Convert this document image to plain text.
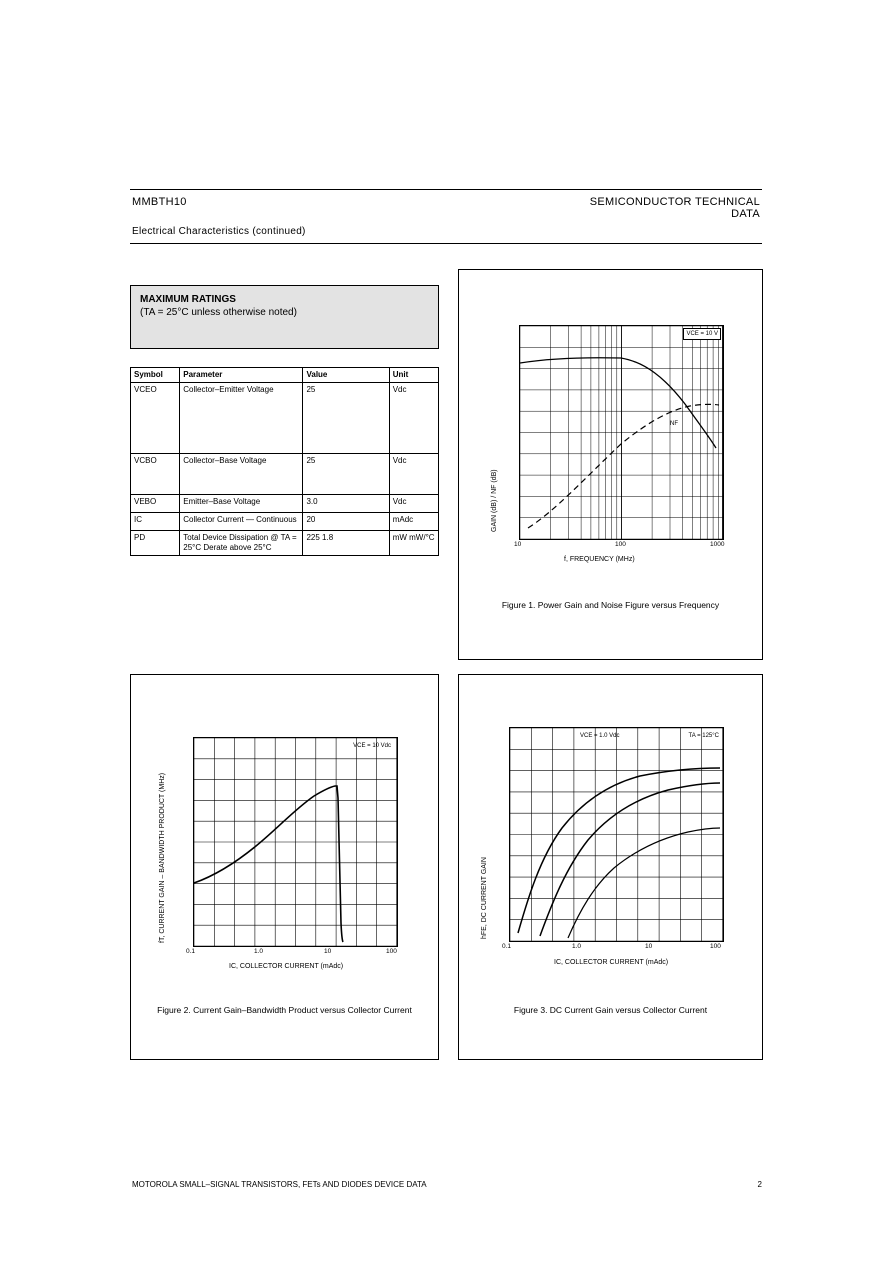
MMBTH10	SEMICONDUCTOR TECHNICAL DATA
Electrical Characteristics (continued)
MAXIMUM RATINGS
(TA = 25°C unless otherwise noted)
Symbol	Parameter	Value	Unit
VCEO	Collector–Emitter Voltage	25	Vdc
VCBO	Collector–Base Voltage	25	Vdc
VEBO	Emitter–Base Voltage	3.0	Vdc
IC	Collector Current — Continuous	20	mAdc
PD	Total Device Dissipation @ TA = 25°C Derate above 25°C	225 1.8	mW mW/°C
VCE = 10 V
NF
10	100	1000
GAIN (dB) / NF (dB)
f, FREQUENCY (MHz)
Figure 1. Power Gain and Noise Figure versus Frequency
VCE = 10 Vdc
0.1	1.0	10	100
fT, CURRENT GAIN – BANDWIDTH PRODUCT (MHz)
IC, COLLECTOR CURRENT (mAdc)
Figure 2. Current Gain–Bandwidth Product versus Collector Current
VCE = 1.0 Vdc	TA = 125°C
0.1	1.0	10	100
hFE, DC CURRENT GAIN
IC, COLLECTOR CURRENT (mAdc)
Figure 3. DC Current Gain versus Collector Current
MOTOROLA SMALL–SIGNAL TRANSISTORS, FETs AND DIODES DEVICE DATA	2
